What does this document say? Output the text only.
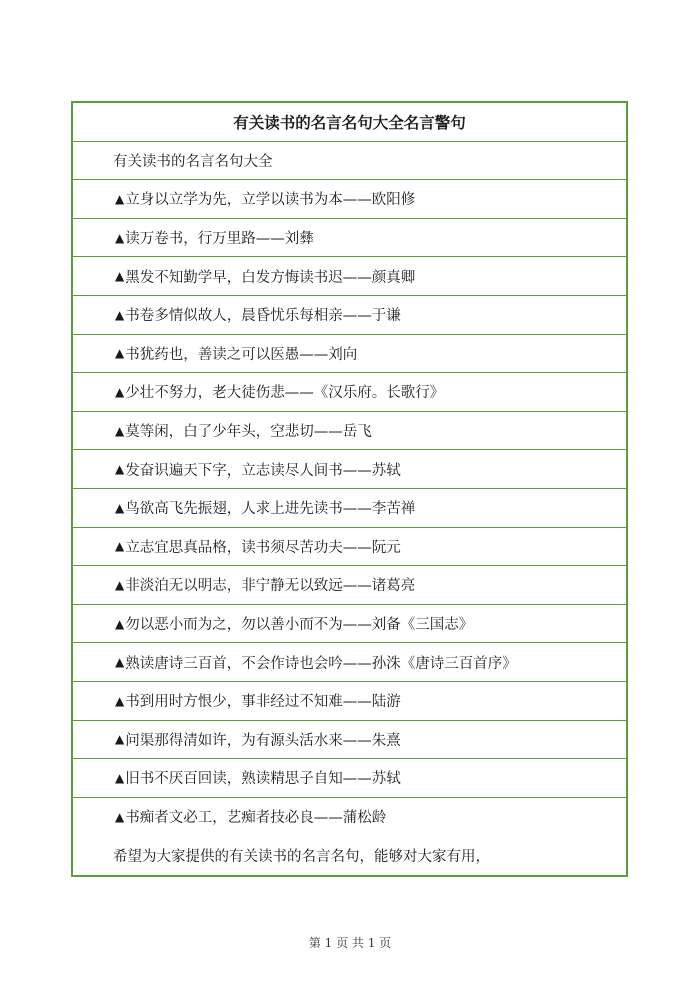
有关读书的名言名句大全名言警句
有关读书的名言名句大全
▲ 立身以立学为先，立学以读书为本——欧阳修
▲ 读万卷书，行万里路——刘彝
▲ 黑发不知勤学早，白发方悔读书迟——颜真卿
▲ 书卷多情似故人，晨昏忧乐每相亲——于谦
▲ 书犹药也，善读之可以医愚——刘向
▲ 少壮不努力，老大徒伤悲——《汉乐府。长歌行》
▲ 莫等闲，白了少年头，空悲切——岳飞
▲ 发奋识遍天下字，立志读尽人间书——苏轼
▲ 鸟欲高飞先振翅，人求上进先读书——李苦禅
▲ 立志宜思真品格，读书须尽苦功夫——阮元
▲ 非淡泊无以明志，非宁静无以致远——诸葛亮
▲ 勿以恶小而为之，勿以善小而不为——刘备《三国志》
▲ 熟读唐诗三百首，不会作诗也会吟——孙洙《唐诗三百首序》
▲ 书到用时方恨少，事非经过不知难——陆游
▲ 问渠那得清如许，为有源头活水来——朱熹
▲ 旧书不厌百回读，熟读精思子自知——苏轼
▲ 书痴者文必工，艺痴者技必良——蒲松龄
希望为大家提供的有关读书的名言名句，能够对大家有用，
第 1 页 共 1 页
